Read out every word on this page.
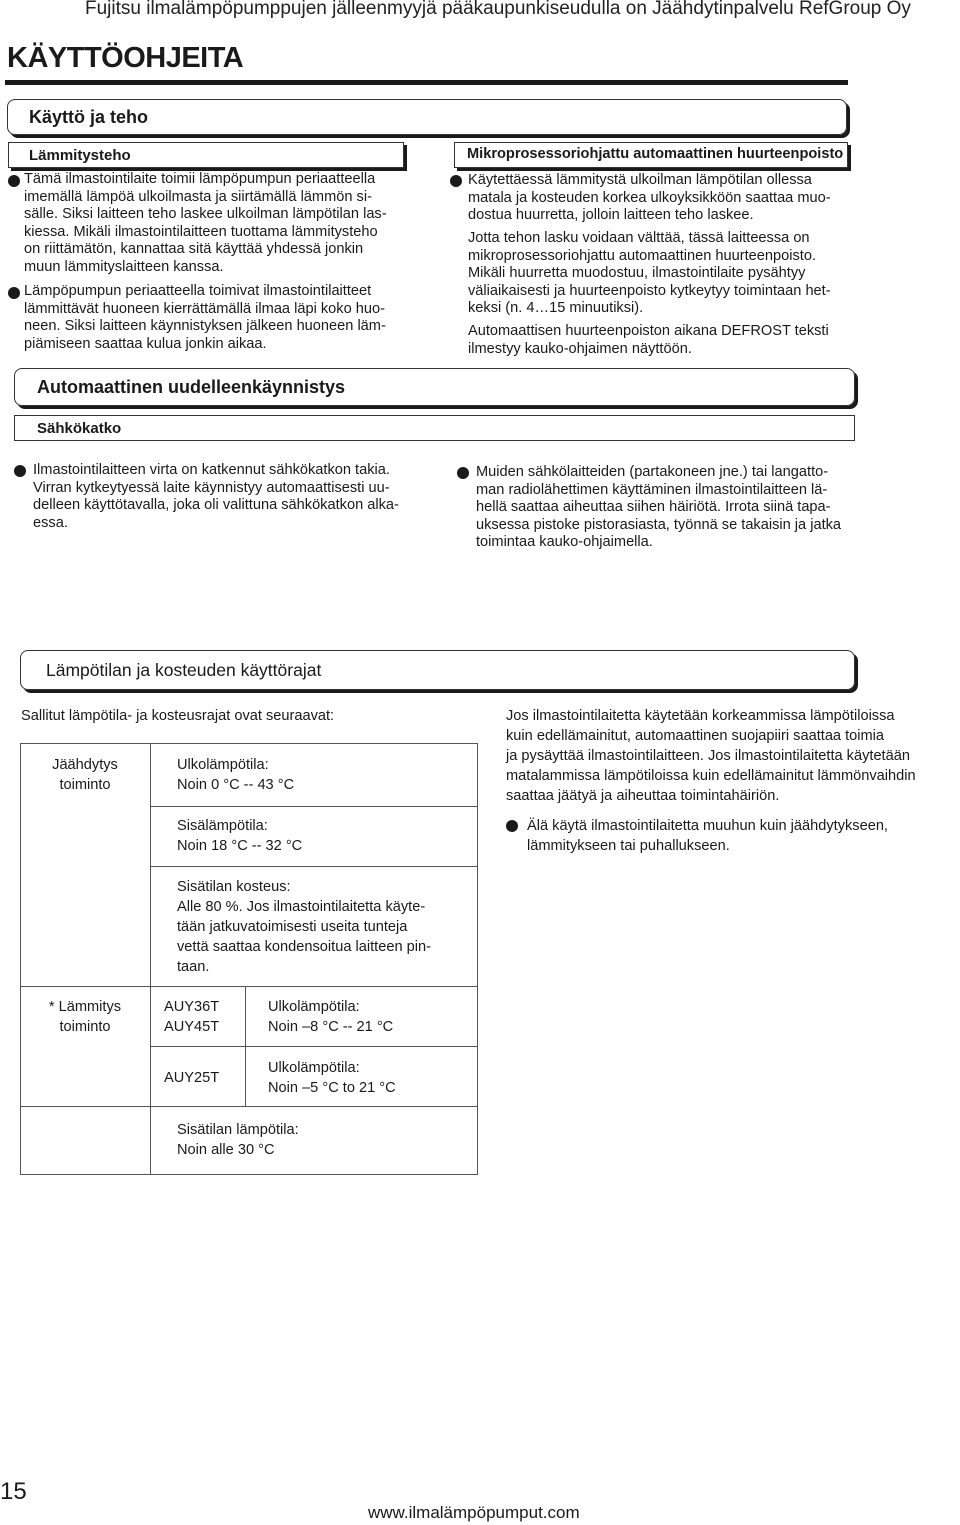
Fujitsu ilmalämpöpumppujen jälleenmyyjä pääkaupunkiseudulla on Jäähdytinpalvelu RefGroup Oy
KÄYTTÖOHJEITA
Käyttö ja teho
Lämmitysteho
Tämä ilmastointilaite toimii lämpöpumpun periaatteella
imemällä lämpöä ulkoilmasta ja siirtämällä lämmön si-
sälle. Siksi laitteen teho laskee ulkoilman lämpötilan las-
kiessa. Mikäli ilmastointilaitteen tuottama lämmitysteho
on riittämätön, kannattaa sitä käyttää yhdessä jonkin
muun lämmityslaitteen kanssa.
Lämpöpumpun periaatteella toimivat ilmastointilaitteet
lämmittävät huoneen kierrättämällä ilmaa läpi koko huo-
neen. Siksi laitteen käynnistyksen jälkeen huoneen läm-
piämiseen saattaa kulua jonkin aikaa.
Mikroprosessoriohjattu automaattinen huurteenpoisto
Käytettäessä lämmitystä ulkoilman lämpötilan ollessa
matala ja kosteuden korkea ulkoyksikköön saattaa muo-
dostua huurretta, jolloin laitteen teho laskee.
Jotta tehon lasku voidaan välttää, tässä laitteessa on
mikroprosessoriohjattu automaattinen huurteenpoisto.
Mikäli huurretta muodostuu, ilmastointilaite pysähtyy
väliaikaisesti ja huurteenpoisto kytkeytyy toimintaan het-
keksi (n. 4…15 minuutiksi).
Automaattisen huurteenpoiston aikana DEFROST teksti
ilmestyy kauko-ohjaimen näyttöön.
Automaattinen uudelleenkäynnistys
Sähkökatko
Ilmastointilaitteen virta on katkennut sähkökatkon takia.
Virran kytkeytyessä laite käynnistyy automaattisesti uu-
delleen käyttötavalla, joka oli valittuna sähkökatkon alka-
essa.
Muiden sähkölaitteiden (partakoneen jne.) tai langatto-
man radiolähettimen käyttäminen ilmastointilaitteen lä-
hellä saattaa aiheuttaa siihen häiriötä. Irrota siinä tapa-
uksessa pistoke pistorasiasta, työnnä se takaisin ja jatka
toimintaa kauko-ohjaimella.
Lämpötilan ja kosteuden käyttörajat
Sallitut lämpötila- ja kosteusrajat ovat seuraavat:	Jos ilmastointilaitetta käytetään korkeammissa lämpötiloissa
kuin edellämainitut, automaattinen suojapiiri saattaa toimia
ja pysäyttää ilmastointilaitteen. Jos ilmastointilaitetta käytetään
matalammissa lämpötiloissa kuin edellämainitut lämmönvaihdin
saattaa jäätyä ja aiheuttaa toimintahäiriön.
Älä käytä ilmastointilaitetta muuhun kuin jäähdytykseen,
lämmitykseen tai puhallukseen.
Jäähdytys
toiminto
Ulkolämpötila:
Noin 0 °C -- 43 °C
Sisälämpötila:
Noin 18 °C -- 32 °C
Sisätilan kosteus:
Alle 80 %. Jos ilmastointilaitetta käyte-
tään jatkuvatoimisesti useita tunteja
vettä saattaa kondensoitua laitteen pin-
taan.
* Lämmitys
toiminto
AUY36T
AUY45T
Ulkolämpötila:
Noin –8 °C -- 21 °C
AUY25T
Ulkolämpötila:
Noin –5 °C to 21 °C
Sisätilan lämpötila:
Noin alle 30 °C
15
www.ilmalämpöpumput.com
